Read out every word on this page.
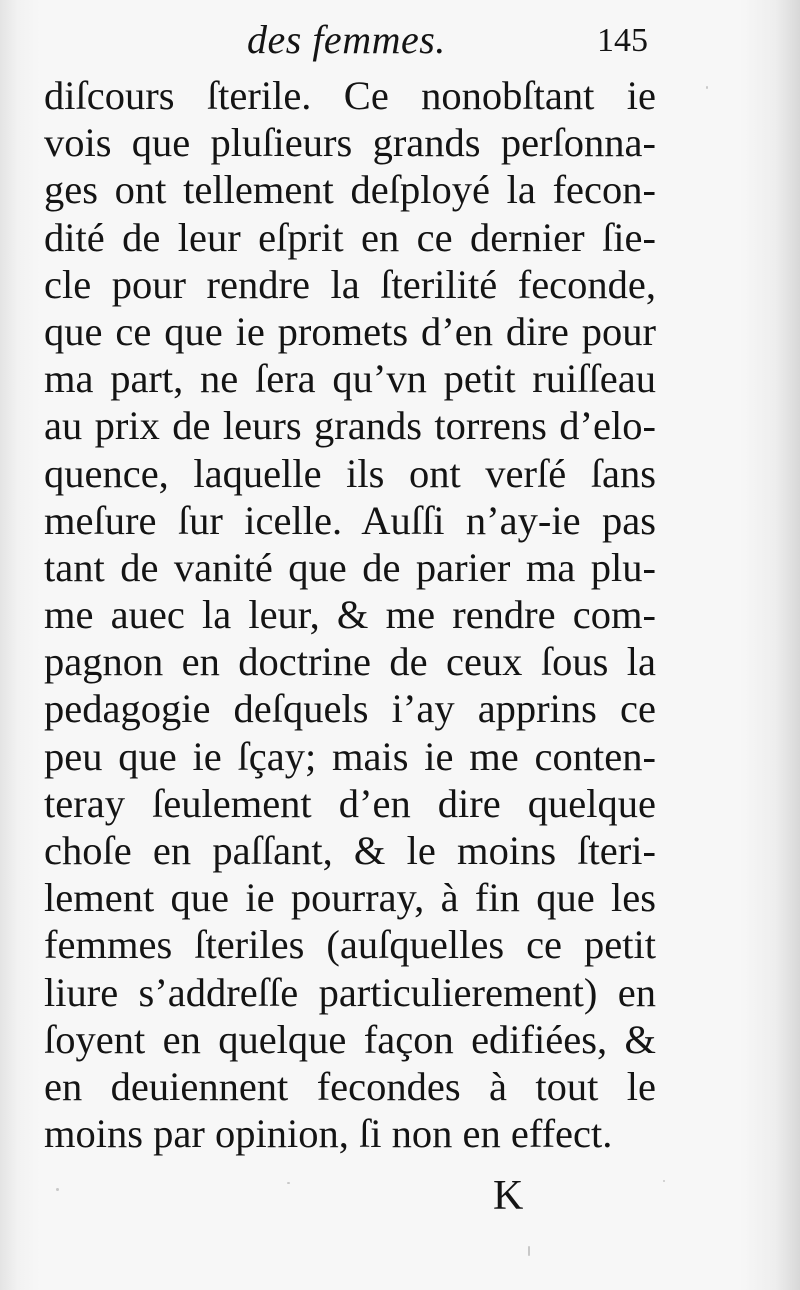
des femmes.	145
diſcours ſterile. Ce nonobſtant ie
vois que pluſieurs grands perſonna-
ges ont tellement deſployé la fecon-
dité de leur eſprit en ce dernier ſie-
cle pour rendre la ſterilité feconde,
que ce que ie promets d’en dire pour
ma part, ne ſera qu’vn petit ruiſſeau
au prix de leurs grands torrens d’elo-
quence, laquelle ils ont verſé ſans
meſure ſur icelle. Auſſi n’ay-ie pas
tant de vanité que de parier ma plu-
me auec la leur, & me rendre com-
pagnon en doctrine de ceux ſous la
pedagogie deſquels i’ay apprins ce
peu que ie ſçay; mais ie me conten-
teray ſeulement d’en dire quelque
choſe en paſſant, & le moins ſteri-
lement que ie pourray, à fin que les
femmes ſteriles (auſquelles ce petit
liure s’addreſſe particulierement) en
ſoyent en quelque façon edifiées, &
en deuiennent fecondes à tout le
moins par opinion, ſi non en effect.
K
